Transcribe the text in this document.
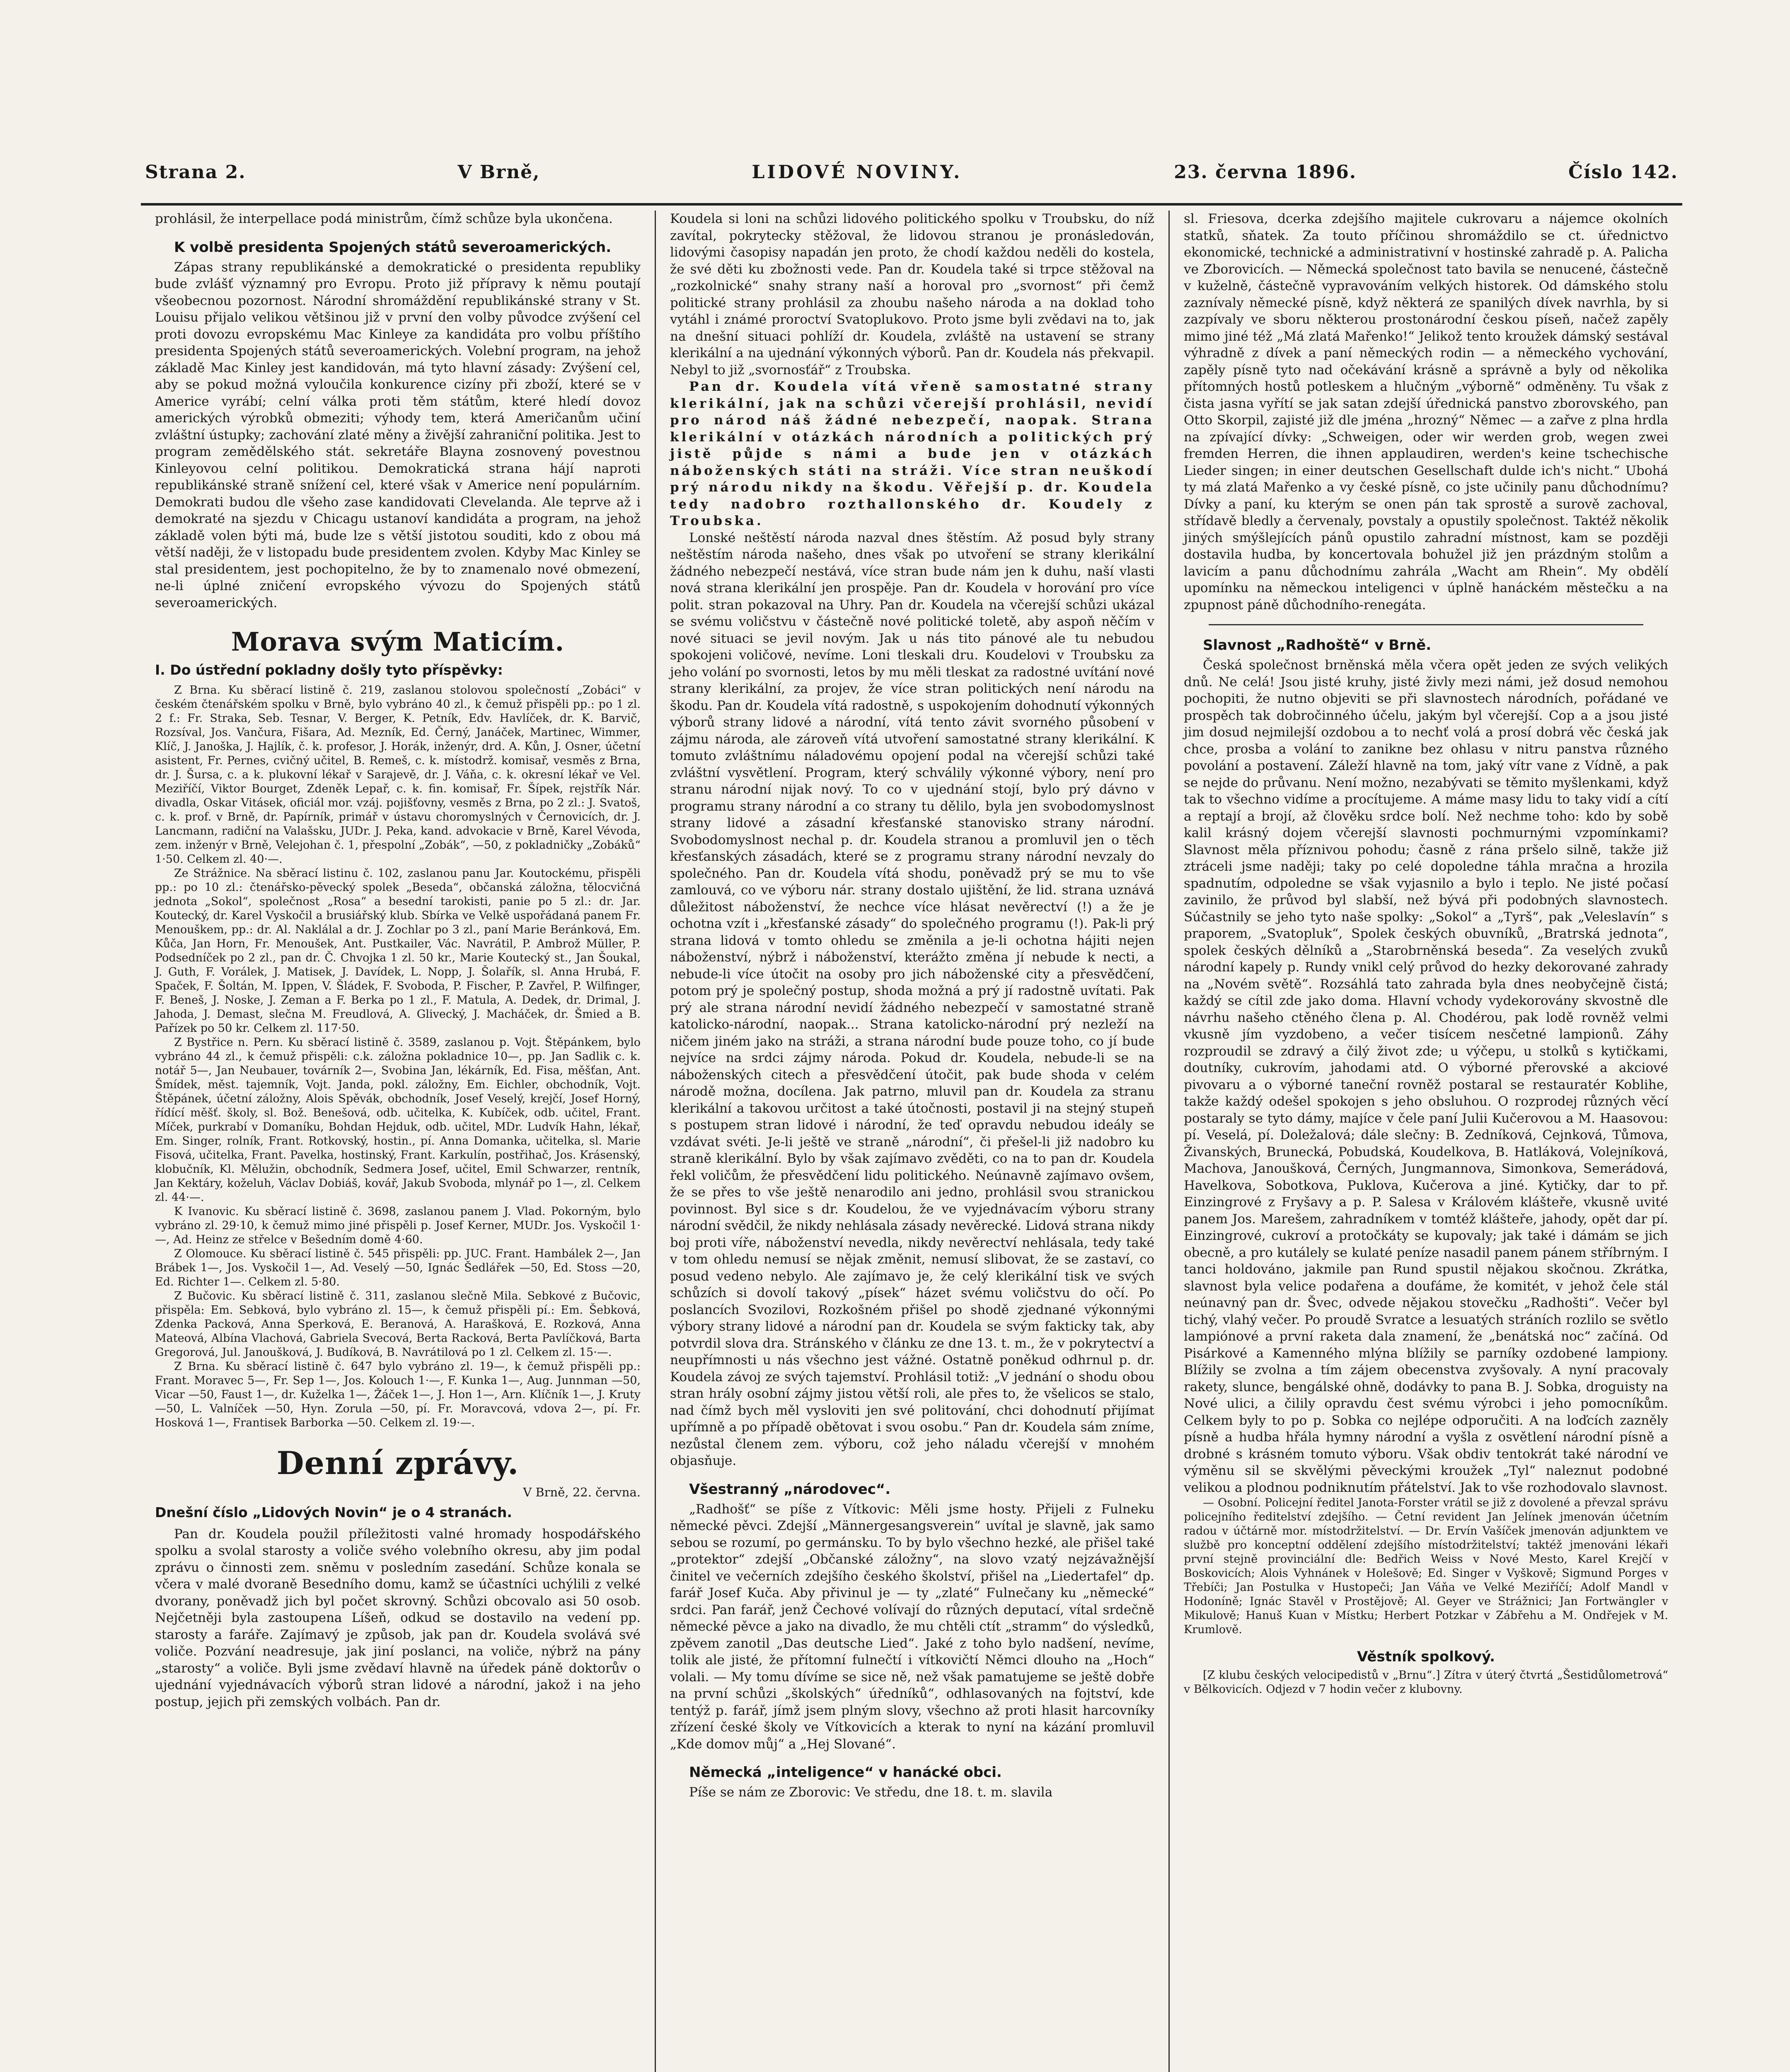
Strana 2.	V Brně,	LIDOVÉ NOVINY.	23. června 1896.	Číslo 142.

prohlásil, že interpellace podá ministrům, čímž schůze byla ukončena.

K volbě presidenta Spojených států severoamerických.

Zápas strany republikánské a demokratické o presidenta republiky bude zvlášť významný pro Evropu. Proto již přípravy k němu poutají všeobecnou pozornost. Národní shromáždění republikánské strany v St. Louisu přijalo velikou většinou již v první den volby původce zvýšení cel proti dovozu evropskému Mac Kinleye za kandidáta pro volbu příštího presidenta Spojených států severoamerických. Volební program, na jehož základě Mac Kinley jest kandidován, má tyto hlavní zásady: Zvýšení cel, aby se pokud možná vyloučila konkurence cizíny při zboží, které se v Americe vyrábí; celní válka proti těm státům, které hledí dovoz amerických výrobků obmeziti; výhody tem, která Američanům učiní zvláštní ústupky; zachování zlaté měny a živější zahraniční politika. Jest to program zemědělského stát. sekretáře Blayna zosnovený povestnou Kinleyovou celní politikou. Demokratická strana hájí naproti republikánské straně snížení cel, které však v Americe není populárním. Demokrati budou dle všeho zase kandidovati Clevelanda. Ale teprve až i demokraté na sjezdu v Chicagu ustanoví kandidáta a program, na jehož základě volen býti má, bude lze s větší jistotou souditi, kdo z obou má větší naději, že v listopadu bude presidentem zvolen. Kdyby Mac Kinley se stal presidentem, jest pochopitelno, že by to znamenalo nové obmezení, ne-li úplné zničení evropského vývozu do Spojených států severoamerických.

Morava svým Maticím.
I. Do ústřední pokladny došly tyto příspěvky:

Z Brna. Ku sběrací listině č. 219, zaslanou stolovou společností „Zobáci“ v českém čtenářském spolku v Brně, bylo vybráno 40 zl., k čemuž přispěli pp.: po 1 zl. 2 f.: Fr. Straka, Seb. Tesnar, V. Berger, K. Petník, Edv. Havlíček, dr. K. Barvič, Rozsíval, Jos. Vančura, Fišara, Ad. Mezník, Ed. Černý, Janáček, Martinec, Wimmer, Klíč, J. Janoška, J. Hajlík, č. k. profesor, J. Horák, inženýr, drd. A. Kůn, J. Osner, účetní asistent, Fr. Pernes, cvičný učitel, B. Remeš, c. k. místodrž. komisař, vesměs z Brna, dr. J. Šursa, c. a k. plukovní lékař v Sarajevě, dr. J. Váňa, c. k. okresní lékař ve Vel. Meziříčí, Viktor Bourget, Zdeněk Lepař, c. k. fin. komisař, Fr. Šípek, rejstřík Nár. divadla, Oskar Vitásek, oficiál mor. vzáj. pojišťovny, vesměs z Brna, po 2 zl.: J. Svatoš, c. k. prof. v Brně, dr. Papírník, primář v ústavu choromyslných v Černovicích, dr. J. Lancmann, radiční na Valašsku, JUDr. J. Peka, kand. advokacie v Brně, Karel Vévoda, zem. inženýr v Brně, Velejohan č. 1, přespolní „Zobák“, —50, z pokladničky „Zobáků“ 1·50. Celkem zl. 40·—.

Ze Strážnice. Na sběrací listinu č. 102, zaslanou panu Jar. Koutockému, přispěli pp.: po 10 zl.: čtenářsko-pěvecký spolek „Beseda“, občanská záložna, tělocvičná jednota „Sokol“, společnost „Rosa“ a besední tarokisti, panie po 5 zl.: dr. Jar. Koutecký, dr. Karel Vyskočil a brusiářský klub. Sbírka ve Velkě uspořádaná panem Fr. Menouškem, pp.: dr. Al. Naklálal a dr. J. Zochlar po 3 zl., paní Marie Beránková, Em. Kůča, Jan Horn, Fr. Menoušek, Ant. Pustkailer, Vác. Navrátil, P. Ambrož Müller, P. Podsedníček po 2 zl., pan dr. Č. Chvojka 1 zl. 50 kr., Marie Koutecký st., Jan Šoukal, J. Guth, F. Vorálek, J. Matisek, J. Davídek, L. Nopp, J. Šolařík, sl. Anna Hrubá, F. Spaček, F. Šoltán, M. Ippen, V. Šládek, F. Svoboda, P. Fischer, P. Zavřel, P. Wilfinger, F. Beneš, J. Noske, J. Zeman a F. Berka po 1 zl., F. Matula, A. Dedek, dr. Drimal, J. Jahoda, J. Demast, slečna M. Freudlová, A. Glivecký, J. Macháček, dr. Šmied a B. Pařízek po 50 kr. Celkem zl. 117·50.

Z Bystřice n. Pern. Ku sběrací listině č. 3589, zaslanou p. Vojt. Štěpánkem, bylo vybráno 44 zl., k čemuž přispěli: c.k. záložna pokladnice 10—, pp. Jan Sadlik c. k. notář 5—, Jan Neubauer, továrník 2—, Svobina Jan, lékárník, Ed. Fisa, měšťan, Ant. Šmídek, měst. tajemník, Vojt. Janda, pokl. záložny, Em. Eichler, obchodník, Vojt. Štěpánek, účetní záložny, Alois Spěvák, obchodník, Josef Veselý, krejčí, Josef Horný, řídící měšť. školy, sl. Bož. Benešová, odb. učitelka, K. Kubíček, odb. učitel, Frant. Míček, purkrabí v Domaníku, Bohdan Hejduk, odb. učitel, MDr. Ludvík Hahn, lékař, Em. Singer, rolník, Frant. Rotkovský, hostin., pí. Anna Domanka, učitelka, sl. Marie Fisová, učitelka, Frant. Pavelka, hostinský, Frant. Karkulín, postřihač, Jos. Krásenský, klobučník, Kl. Mělužin, obchodník, Sedmera Josef, učitel, Emil Schwarzer, rentník, Jan Kektáry, koželuh, Václav Dobiáš, kovář, Jakub Svoboda, mlynář po 1—, zl. Celkem zl. 44·—.

K Ivanovic. Ku sběrací listině č. 3698, zaslanou panem J. Vlad. Pokorným, bylo vybráno zl. 29·10, k čemuž mimo jiné přispěli p. Josef Kerner, MUDr. Jos. Vyskočil 1·—, Ad. Heinz ze střelce v Bešedním domě 4·60.

Z Olomouce. Ku sběrací listině č. 545 přispěli: pp. JUC. Frant. Hambálek 2—, Jan Brábek 1—, Jos. Vyskočil 1—, Ad. Veselý —50, Ignác Šedlářek —50, Ed. Stoss —20, Ed. Richter 1—. Celkem zl. 5·80.

Z Bučovic. Ku sběrací listině č. 311, zaslanou slečně Mila. Sebkové z Bučovic, přispěla: Em. Sebková, bylo vybráno zl. 15—, k čemuž přispěli pí.: Em. Šebková, Zdenka Packová, Anna Sperková, E. Beranová, A. Harašková, E. Rozková, Anna Mateová, Albína Vlachová, Gabriela Svecová, Berta Racková, Berta Pavlíčková, Barta Gregorová, Jul. Janoušková, J. Budíková, B. Navrátilová po 1 zl. Celkem zl. 15·—.

Z Brna. Ku sběrací listině č. 647 bylo vybráno zl. 19—, k čemuž přispěli pp.: Frant. Moravec 5—, Fr. Sep 1—, Jos. Kolouch 1·—, F. Kunka 1—, Aug. Junnman —50, Vicar —50, Faust 1—, dr. Kuželka 1—, Žáček 1—, J. Hon 1—, Arn. Klíčník 1—, J. Kruty —50, L. Valníček —50, Hyn. Zorula —50, pí. Fr. Moravcová, vdova 2—, pí. Fr. Hosková 1—, Frantisek Barborka —50. Celkem zl. 19·—.

Denní zprávy.
V Brně, 22. června.
Dnešní číslo „Lidových Novin“ je o 4 stranách.

Pan dr. Koudela použil příležitosti valné hromady hospodářského spolku a svolal starosty a voliče svého volebního okresu, aby jim podal zprávu o činnosti zem. sněmu v posledním zasedání. Schůze konala se včera v malé dvoraně Besedního domu, kamž se účastníci uchýlili z velké dvorany, poněvadž jich byl počet skrovný. Schůzi obcovalo asi 50 osob. Nejčetněji byla zastoupena Líšeň, odkud se dostavilo na vedení pp. starosty a faráře. Zajímavý je způsob, jak pan dr. Koudela svolává své voliče. Pozvání neadresuje, jak jiní poslanci, na voliče, nýbrž na pány „starosty“ a voliče. Byli jsme zvědaví hlavně na úředek páně doktorův o ujednání vyjednávacích výborů stran lidové a národní, jakož i na jeho postup, jejich při zemských volbách. Pan dr.

Koudela si loni na schůzi lidového politického spolku v Troubsku, do níž zavítal, pokrytecky stěžoval, že lidovou stranou je pronásledován, lidovými časopisy napadán jen proto, že chodí každou neděli do kostela, že své děti ku zbožnosti vede. Pan dr. Koudela také si trpce stěžoval na „rozkolnické“ snahy strany naší a horoval pro „svornost“ při čemž politické strany prohlásil za zhoubu našeho národa a na doklad toho vytáhl i známé proroctví Svatoplukovo. Proto jsme byli zvědavi na to, jak na dnešní situaci pohlíží dr. Koudela, zvláště na ustavení se strany klerikální a na ujednání výkonných výborů. Pan dr. Koudela nás překvapil. Nebyl to již „svornosťář“ z Troubska.

Pan dr. Koudela vítá vřeně samostatné strany klerikální, jak na schůzi včerejší prohlásil, nevidí pro národ náš žádné nebezpečí, naopak. Strana klerikální v otázkách národních a politických prý jistě půjde s námi a bude jen v otázkách náboženských státi na stráži. Více stran neuškodí prý národu nikdy na škodu. Věřejší p. dr. Koudela tedy nadobro rozthallonského dr. Koudely z Troubska.

Lonské neštěstí národa nazval dnes štěstím. Až posud byly strany neštěstím národa našeho, dnes však po utvoření se strany klerikální žádného nebezpečí nestává, více stran bude nám jen k duhu, naší vlasti nová strana klerikální jen prospěje. Pan dr. Koudela v horování pro více polit. stran pokazoval na Uhry. Pan dr. Koudela na včerejší schůzi ukázal se svému voličstvu v částečně nové politické toletě, aby aspoň něčím v nové situaci se jevil novým. Jak u nás tito pánové ale tu nebudou spokojeni voličové, nevíme. Loni tleskali dru. Koudelovi v Troubsku za jeho volání po svornosti, letos by mu měli tleskat za radostné uvítání nové strany klerikální, za projev, že více stran politických není národu na škodu. Pan dr. Koudela vítá radostně, s uspokojením dohodnutí výkonných výborů strany lidové a národní, vítá tento závit svorného působení v zájmu národa, ale zároveň vítá utvoření samostatné strany klerikální. K tomuto zvláštnímu náladovému opojení podal na včerejší schůzi také zvláštní vysvětlení. Program, který schválily výkonné výbory, není pro stranu národní nijak nový. To co v ujednání stojí, bylo prý dávno v programu strany národní a co strany tu dělilo, byla jen svobodomyslnost strany lidové a zásadní křesťanské stanovisko strany národní. Svobodomyslnost nechal p. dr. Koudela stranou a promluvil jen o těch křesťanských zásadách, které se z programu strany národní nevzaly do společného. Pan dr. Koudela vítá shodu, poněvadž prý se mu to vše zamlouvá, co ve výboru nár. strany dostalo ujištění, že lid. strana uznává důležitost náboženství, že nechce více hlásat nevěrectví (!) a že je ochotna vzít i „křesťanské zásady“ do společného programu (!). Pak-li prý strana lidová v tomto ohledu se změnila a je-li ochotna hájiti nejen náboženství, nýbrž i náboženství, kterážto změna jí nebude k necti, a nebude-li více útočit na osoby pro jich náboženské city a přesvědčení, potom prý je společný postup, shoda možná a prý jí radostně uvítati. Pak prý ale strana národní nevidí žádného nebezpečí v samostatné straně katolicko-národní, naopak... Strana katolicko-národní prý nezleží na ničem jiném jako na stráži, a strana národní bude pouze toho, co jí bude nejvíce na srdci zájmy národa. Pokud dr. Koudela, nebude-li se na náboženských citech a přesvědčení útočit, pak bude shoda v celém národě možna, docílena. Jak patrno, mluvil pan dr. Koudela za stranu klerikální a takovou určitost a také útočnosti, postavil ji na stejný stupeň s postupem stran lidové i národní, že teď opravdu nebudou ideály se vzdávat svéti. Je-li ještě ve straně „národní“, či přešel-li již nadobro ku straně klerikální. Bylo by však zajímavo zvěděti, co na to pan dr. Koudela řekl voličům, že přesvědčení lidu politického. Neúnavně zajímavo ovšem, že se přes to vše ještě nenarodilo ani jedno, prohlásil svou stranickou povinnost. Byl sice s dr. Koudelou, že ve vyjednávacím výboru strany národní svědčil, že nikdy nehlásala zásady nevěrecké. Lidová strana nikdy boj proti víře, náboženství nevedla, nikdy nevěrectví nehlásala, tedy také v tom ohledu nemusí se nějak změnit, nemusí slibovat, že se zastaví, co posud vedeno nebylo. Ale zajímavo je, že celý klerikální tisk ve svých schůzích si dovolí takový „písek“ házet svému voličstvu do očí. Po poslancích Svozilovi, Rozkošném přišel po shodě zjednané výkonnými výbory strany lidové a národní pan dr. Koudela se svým fakticky tak, aby potvrdil slova dra. Stránského v článku ze dne 13. t. m., že v pokrytectví a neupřímnosti u nás všechno jest vážné. Ostatně poněkud odhrnul p. dr. Koudela závoj ze svých tajemství. Prohlásil totiž: „V jednání o shodu obou stran hrály osobní zájmy jistou větší roli, ale přes to, že všelicos se stalo, nad čímž bych měl vysloviti jen své politování, chci dohodnutí přijímat upřímně a po případě obětovat i svou osobu.“ Pan dr. Koudela sám zníme, nezůstal členem zem. výboru, což jeho náladu včerejší v mnohém objasňuje.

Všestranný „národovec“.

„Radhošť“ se píše z Vítkovic: Měli jsme hosty. Přijeli z Fulneku německé pěvci. Zdejší „Männergesangsverein“ uvítal je slavně, jak samo sebou se rozumí, po germánsku. To by bylo všechno hezké, ale přišel také „protektor“ zdejší „Občanské záložny“, na slovo vzatý nejzávažnější činitel ve večerních zdejšího českého školství, přišel na „Liedertafel“ dp. farář Josef Kuča. Aby přivinul je — ty „zlaté“ Fulnečany ku „německé“ srdci. Pan farář, jenž Čechové volívají do různých deputací, vítal srdečně německé pěvce a jako na divadlo, že mu chtěli ctít „stramm“ do výsledků, zpěvem zanotil „Das deutsche Lied“. Jaké z toho bylo nadšení, nevíme, tolik ale jisté, že přítomní fulnečtí i vítkovičtí Němci dlouho na „Hoch“ volali. — My tomu dívíme se sice ně, než však pamatujeme se ještě dobře na první schůzi „školských“ úředníků“, odhlasovaných na fojtství, kde tentýž p. farář, jímž jsem plným slovy, všechno až proti hlasit harcovníky zřízení české školy ve Vítkovicích a kterak to nyní na kázání promluvil „Kde domov můj“ a „Hej Slované“.

Německá „inteligence“ v hanácké obci.

Píše se nám ze Zborovic: Ve středu, dne 18. t. m. slavila

sl. Friesova, dcerka zdejšího majitele cukrovaru a nájemce okolních statků, sňatek. Za touto příčinou shromáždilo se ct. úřednictvo ekonomické, technické a administrativní v hostinské zahradě p. A. Palicha ve Zborovicích. — Německá společnost tato bavila se nenucené, částečně v kuželně, částečně vypravováním velkých historek. Od dámského stolu zaznívaly německé písně, když některá ze spanilých dívek navrhla, by si zazpívaly ve sboru některou prostonárodní českou píseň, načež zapěly mimo jiné též „Má zlatá Mařenko!“ Jelikož tento kroužek dámský sestával výhradně z dívek a paní německých rodin — a německého vychování, zapěly písně tyto nad očekávání krásně a správně a byly od několika přítomných hostů potleskem a hlučným „výborně“ odměněny. Tu však z čista jasna vyřítí se jak satan zdejší úřednická panstvo zborovského, pan Otto Skorpil, zajisté již dle jména „hrozný“ Němec — a zařve z plna hrdla na zpívající dívky: „Schweigen, oder wir werden grob, wegen zwei fremden Herren, die ihnen applaudiren, werden's keine tschechische Lieder singen; in einer deutschen Gesellschaft dulde ich's nicht.“ Ubohá ty má zlatá Mařenko a vy české písně, co jste učinily panu důchodnímu? Dívky a paní, ku kterým se onen pán tak sprostě a surově zachoval, střídavě bledly a červenaly, povstaly a opustily společnost. Taktéž několik jiných smýšlejících pánů opustilo zahradní místnost, kam se později dostavila hudba, by koncertovala bohužel již jen prázdným stolům a lavicím a panu důchodnímu zahrála „Wacht am Rhein“. My obdělí upomínku na německou inteligenci v úplně hanáckém městečku a na zpupnost páně důchodního-renegáta.

Slavnost „Radhoště“ v Brně.

Česká společnost brněnská měla včera opět jeden ze svých velikých dnů. Ne celá! Jsou jisté kruhy, jisté živly mezi námi, jež dosud nemohou pochopiti, že nutno objeviti se při slavnostech národních, pořádané ve prospěch tak dobročinného účelu, jakým byl včerejší. Cop a a jsou jisté jim dosud nejmilejší ozdobou a to nechť volá a prosí dobrá věc česká jak chce, prosba a volání to zanikne bez ohlasu v nitru panstva různého povolání a postavení. Záleží hlavně na tom, jaký vítr vane z Vídně, a pak se nejde do průvanu. Není možno, nezabývati se těmito myšlenkami, když tak to všechno vidíme a procítujeme. A máme masy lidu to taky vidí a cítí a reptají a brojí, až člověku srdce bolí. Než nechme toho: kdo by sobě kalil krásný dojem včerejší slavnosti pochmurnými vzpomínkami? Slavnost měla příznivou pohodu; časně z rána pršelo silně, takže již ztráceli jsme naději; taky po celé dopoledne táhla mračna a hrozila spadnutím, odpoledne se však vyjasnilo a bylo i teplo. Ne jisté počasí zavinilo, že průvod byl slabší, než bývá při podobných slavnostech. Súčastnily se jeho tyto naše spolky: „Sokol“ a „Tyrš“, pak „Veleslavín“ s praporem, „Svatopluk“, Spolek českých obuvníků, „Bratrská jednota“, spolek českých dělníků a „Starobrněnská beseda“. Za veselých zvuků národní kapely p. Rundy vnikl celý průvod do hezky dekorované zahrady na „Novém světě“. Rozsáhlá tato zahrada byla dnes neobyčejně čistá; každý se cítil zde jako doma. Hlavní vchody vydekorovány skvostně dle návrhu našeho ctěného člena p. Al. Chodérou, pak lodě rovněž velmi vkusně jím vyzdobeno, a večer tisícem nesčetné lampionů. Záhy rozproudil se zdravý a čilý život zde; u výčepu, u stolků s kytičkami, doutníky, cukrovím, jahodami atd. O výborné přerovské a akciové pivovaru a o výborné taneční rovněž postaral se restauratér Koblihe, takže každý odešel spokojen s jeho obsluhou. O rozprodej různých věcí postaraly se tyto dámy, majíce v čele paní Julii Kučerovou a M. Haasovou: pí. Veselá, pí. Doležalová; dále slečny: B. Zedníková, Cejnková, Tůmova, Živanských, Brunecká, Pobudská, Koudelkova, B. Hatláková, Volejníková, Machova, Janoušková, Černých, Jungmannova, Simonkova, Semerádová, Havelkova, Sobotkova, Puklova, Kučerova a jiné. Kytičky, dar to př. Einzingrové z Fryšavy a p. P. Salesa v Královém klášteře, vkusně uvité panem Jos. Marešem, zahradníkem v tomtéž klášteře, jahody, opět dar pí. Einzingrové, cukroví a protočkáty se kupovaly; jak také i dámám se jich obecně, a pro kutálely se kulaté peníze nasadil panem pánem stříbrným. I tanci holdováno, jakmile pan Rund spustil nějakou skočnou. Zkrátka, slavnost byla velice podařena a doufáme, že komitét, v jehož čele stál neúnavný pan dr. Švec, odvede nějakou stovečku „Radhošti“. Večer byl tichý, vlahý večer. Po proudě Svratce a lesuatých stráních rozlilo se světlo lampiónové a první raketa dala znamení, že „benátská noc“ začíná. Od Pisárkové a Kamenného mlýna blížily se parníky ozdobené lampiony. Blížily se zvolna a tím zájem obecenstva zvyšovaly. A nyní pracovaly rakety, sluncе, bengálské ohně, dodávky to pana B. J. Sobka, droguisty na Nové ulici, a čilily opravdu čest svému výrobci i jeho pomocníkům. Celkem byly to po p. Sobka co nejlépe odporučiti. A na loďcích zazněly písně a hudba hřála hymny národní a vyšla z osvětlení národní písně a drobné s krásném tomuto výboru. Však obdiv tentokrát také národní ve výměnu sil se skvělými pěveckými kroužek „Tyl“ naleznut podobné velikou a plodnou podniknutím přátelství. Jak to vše rozhodovalo slavnost.

— Osobní. Policejní ředitel Janota-Forster vrátil se již z dovolené a převzal správu policejního ředitelství zdejšího. — Četní revident Jan Jelínek jmenován účetním radou v účtárně mor. místodržitelství. — Dr. Ervín Vašíček jmenován adjunktem ve službě pro konceptní oddělení zdejšího místodržitelství; taktéž jmenováni lékaři první stejně provinciální dle: Bedřich Weiss v Nové Mesto, Karel Krejčí v Boskovicích; Alois Vyhnánek v Holešově; Ed. Singer v Vyškově; Sigmund Porges v Třebíči; Jan Postulka v Hustopeči; Jan Váňa ve Velké Meziříčí; Adolf Mandl v Hodoníně; Ignác Stavěl v Prostějově; Al. Geyer ve Strážnici; Jan Fortwängler v Mikulově; Hanuš Kuan v Místku; Herbert Potzkar v Zábřehu a M. Ondřejek v M. Krumlově.

Věstník spolkový.

[Z klubu českých velocipedistů v „Brnu“.] Zítra v úterý čtvrtá „Šestidůlometrová“ v Bělkovicích. Odjezd v 7 hodin večer z klubovny.
